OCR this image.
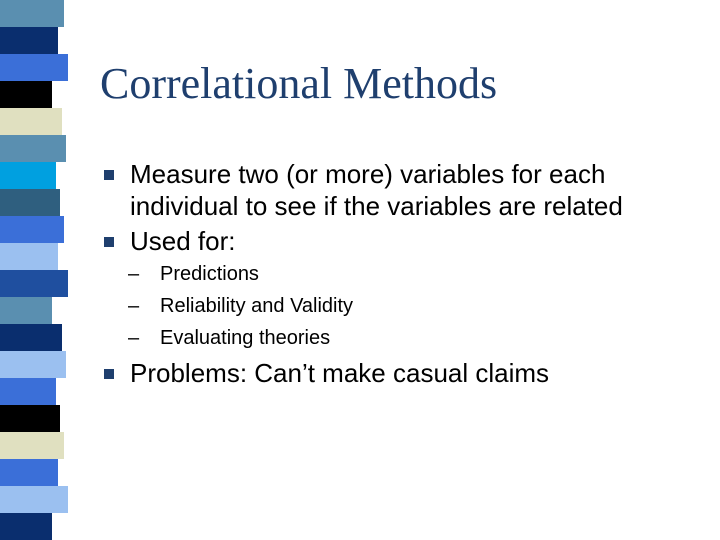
Correlational Methods
Measure two (or more) variables for each
individual to see if the variables are related
Used for:
– Predictions
– Reliability and Validity
– Evaluating theories
Problems: Can’t make casual claims
